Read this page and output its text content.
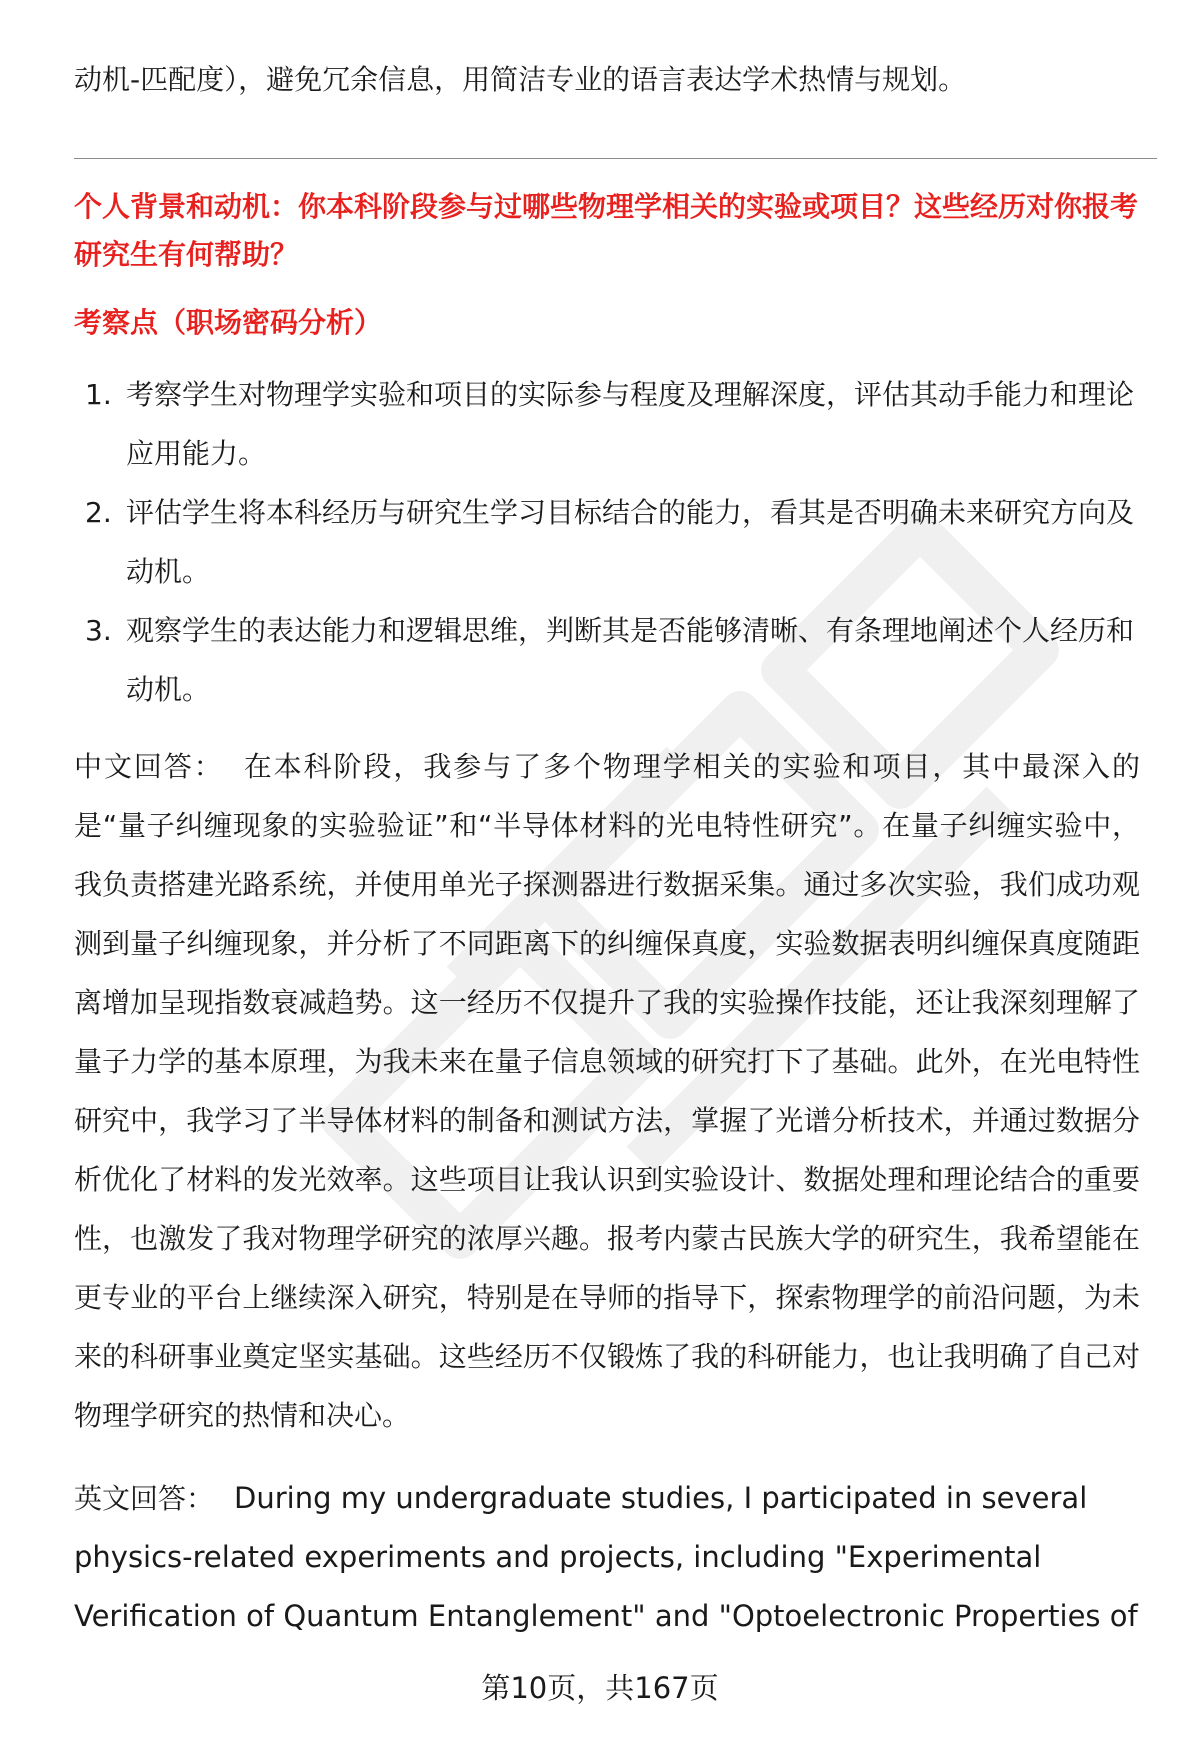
动机-匹配度），避免冗余信息，用简洁专业的语言表达学术热情与规划。

个人背景和动机：你本科阶段参与过哪些物理学相关的实验或项目？这些经历对你报考研究生有何帮助？

考察点（职场密码分析）

1. 考察学生对物理学实验和项目的实际参与程度及理解深度，评估其动手能力和理论应用能力。
2. 评估学生将本科经历与研究生学习目标结合的能力，看其是否明确未来研究方向及动机。
3. 观察学生的表达能力和逻辑思维，判断其是否能够清晰、有条理地阐述个人经历和动机。

中文回答： 在本科阶段，我参与了多个物理学相关的实验和项目，其中最深入的是“量子纠缠现象的实验验证”和“半导体材料的光电特性研究”。在量子纠缠实验中，我负责搭建光路系统，并使用单光子探测器进行数据采集。通过多次实验，我们成功观测到量子纠缠现象，并分析了不同距离下的纠缠保真度，实验数据表明纠缠保真度随距离增加呈现指数衰减趋势。这一经历不仅提升了我的实验操作技能，还让我深刻理解了量子力学的基本原理，为我未来在量子信息领域的研究打下了基础。此外，在光电特性研究中，我学习了半导体材料的制备和测试方法，掌握了光谱分析技术，并通过数据分析优化了材料的发光效率。这些项目让我认识到实验设计、数据处理和理论结合的重要性，也激发了我对物理学研究的浓厚兴趣。报考内蒙古民族大学的研究生，我希望能在更专业的平台上继续深入研究，特别是在导师的指导下，探索物理学的前沿问题，为未来的科研事业奠定坚实基础。这些经历不仅锻炼了我的科研能力，也让我明确了自己对物理学研究的热情和决心。

英文回答： During my undergraduate studies, I participated in several physics-related experiments and projects, including "Experimental Verification of Quantum Entanglement" and "Optoelectronic Properties of

第10页，共167页
